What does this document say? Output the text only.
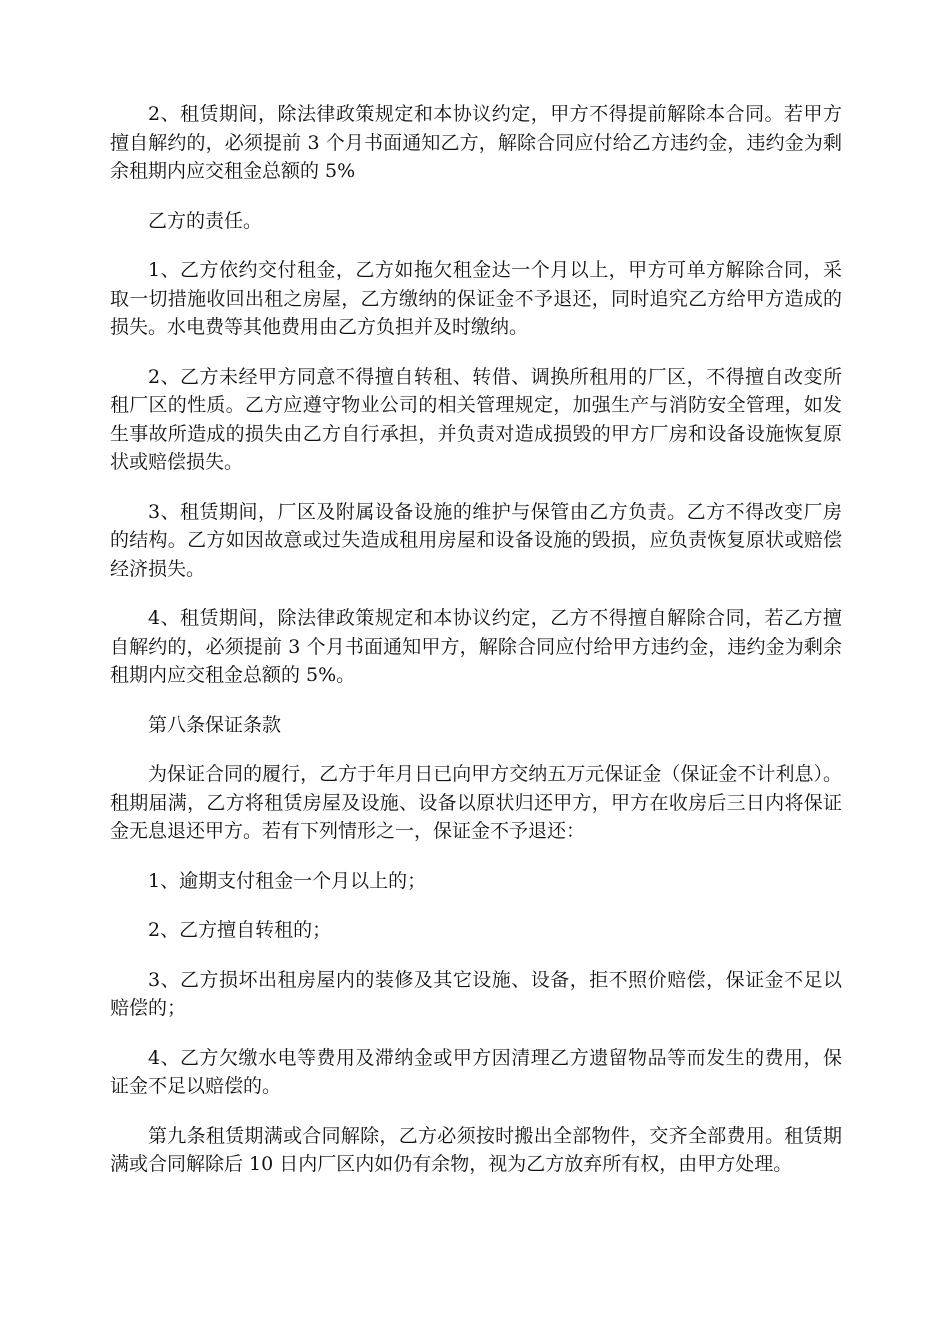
2、租赁期间，除法律政策规定和本协议约定，甲方不得提前解除本合同。若甲方擅自解约的，必须提前 3 个月书面通知乙方，解除合同应付给乙方违约金，违约金为剩余租期内应交租金总额的 5%

乙方的责任。

1、乙方依约交付租金，乙方如拖欠租金达一个月以上，甲方可单方解除合同，采取一切措施收回出租之房屋，乙方缴纳的保证金不予退还，同时追究乙方给甲方造成的损失。水电费等其他费用由乙方负担并及时缴纳。

2、乙方未经甲方同意不得擅自转租、转借、调换所租用的厂区，不得擅自改变所租厂区的性质。乙方应遵守物业公司的相关管理规定，加强生产与消防安全管理，如发生事故所造成的损失由乙方自行承担，并负责对造成损毁的甲方厂房和设备设施恢复原状或赔偿损失。

3、租赁期间，厂区及附属设备设施的维护与保管由乙方负责。乙方不得改变厂房的结构。乙方如因故意或过失造成租用房屋和设备设施的毁损，应负责恢复原状或赔偿经济损失。

4、租赁期间，除法律政策规定和本协议约定，乙方不得擅自解除合同，若乙方擅自解约的，必须提前 3 个月书面通知甲方，解除合同应付给甲方违约金，违约金为剩余租期内应交租金总额的 5%。

第八条保证条款

为保证合同的履行，乙方于年月日已向甲方交纳五万元保证金（保证金不计利息）。租期届满，乙方将租赁房屋及设施、设备以原状归还甲方，甲方在收房后三日内将保证金无息退还甲方。若有下列情形之一，保证金不予退还：

1、逾期支付租金一个月以上的；

2、乙方擅自转租的；

3、乙方损坏出租房屋内的装修及其它设施、设备，拒不照价赔偿，保证金不足以赔偿的；

4、乙方欠缴水电等费用及滞纳金或甲方因清理乙方遗留物品等而发生的费用，保证金不足以赔偿的。

第九条租赁期满或合同解除，乙方必须按时搬出全部物件，交齐全部费用。租赁期满或合同解除后 10 日内厂区内如仍有余物，视为乙方放弃所有权，由甲方处理。
